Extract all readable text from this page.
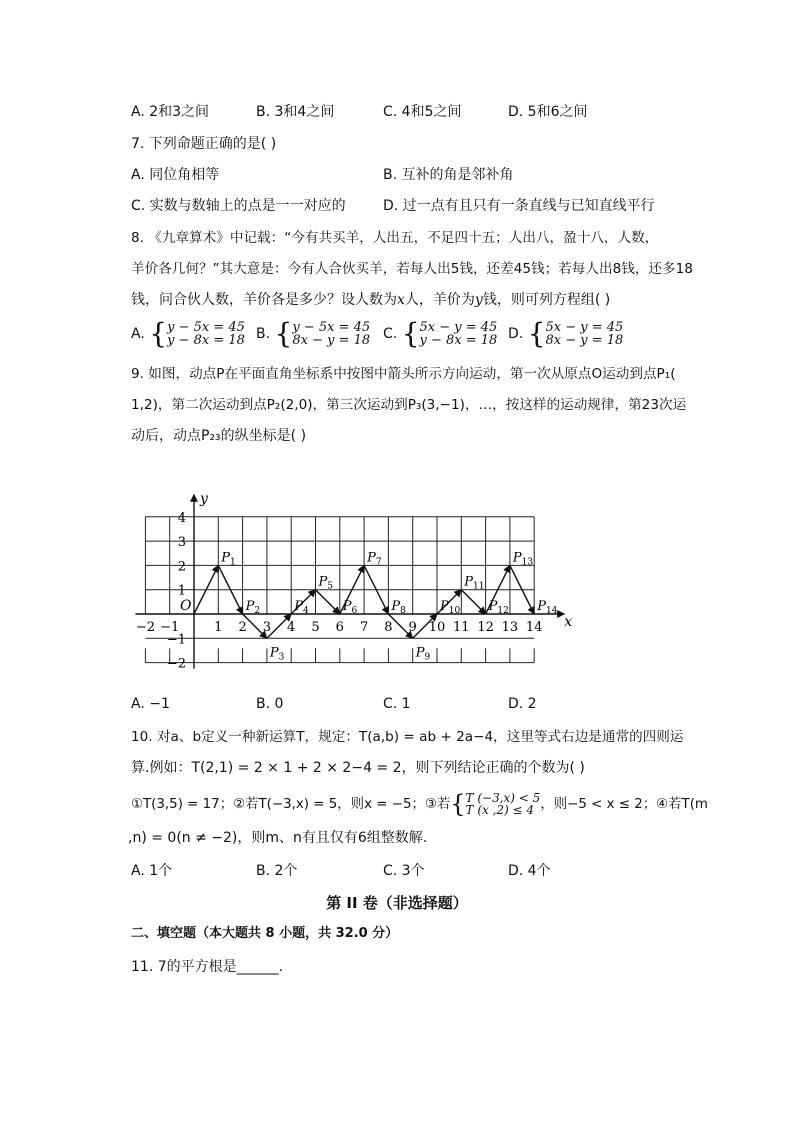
A. 2和3之间	B. 3和4之间	C. 4和5之间	D. 5和6之间
7. 下列命题正确的是( )
A. 同位角相等	B. 互补的角是邻补角
C. 实数与数轴上的点是一一对应的	D. 过一点有且只有一条直线与已知直线平行
8. 《九章算术》中记载：“今有共买羊，人出五，不足四十五；人出八，盈十八，人数，
羊价各几何？”其大意是：今有人合伙买羊，若每人出5钱，还差45钱；若每人出8钱，还多18
钱，问合伙人数，羊价各是多少？设人数为x人，羊价为y钱，则可列方程组( )
A. {y − 5x = 45
y − 8x = 18 B. {y − 5x = 45
8x − y = 18 C. {5x − y = 45
y − 8x = 18 D. {5x − y = 45
8x − y = 18
9. 如图，动点P在平面直角坐标系中按图中箭头所示方向运动，第一次从原点O运动到点P₁(
1,2)，第二次运动到点P₂(2,0)，第三次运动到P₃(3,−1)，…，按这样的运动规律，第23次运
动后，动点P₂₃的纵坐标是( )
x
y
O
−2 −1	1 2 3 4 5 6 7 8 9 10 11 12 13 14
4
3
2
1
−1
−2
$P_1$
$P_2$
$P_3$
$P_4$
$P_5$
$P_6$
$P_7$
$P_8$
$P_9$
$P_{10}$
$P_{11}$
$P_{12}$
$P_{13}$
$P_{14}$
A. −1	B. 0	C. 1	D. 2
10. 对a、b定义一种新运算T，规定：T(a,b) = ab + 2a−4，这里等式右边是通常的四则运
算.例如：T(2,1) = 2 × 1 + 2 × 2−4 = 2，则下列结论正确的个数为( )
①T(3,5) = 17；②若T(−3,x) = 5，则x = −5；③若{T (−3,x) < 5
T (x ,2) ≤ 4 ，则−5 < x ≤ 2；④若T(m
,n) = 0(n ≠ −2)，则m、n有且仅有6组整数解.
A. 1个	B. 2个	C. 3个	D. 4个
第 II 卷（非选择题）
二、填空题（本大题共 8 小题，共 32.0 分）
11. 7的平方根是______.
